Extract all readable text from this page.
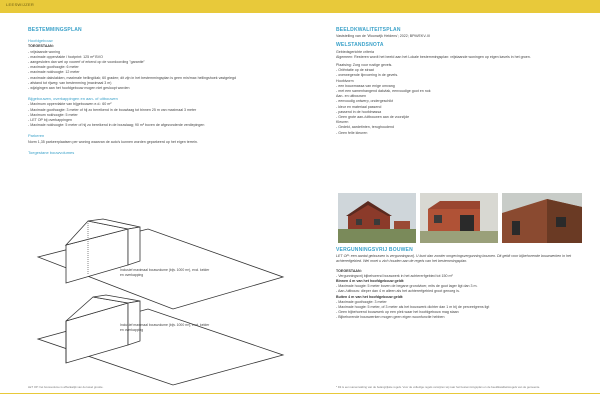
LEESWIJZER
BESTEMMINGSPLAN
Hoofdgebouw
TOEGESTAAN:
- vrijstaande woning
- maximale oppervlakte / footprint: 125 m² BVO
- aangesloten dan wel op voorerf of erkend op de voordoording "garantie"
- maximale goothoogte: 6 meter
- maximale nokhoogte: 12 meter
- maximale dakvlakken, maximale helling/dak; 60 graden; dit zijn in het bestemmingsplan is geen min/max hellingshoek vastgelegd
- afstand tot rijweg: van bestemming (maximaal 3 m)
- wijzigingen aan het hoofdgebouw mogen niet gesloopt worden
Bijgebouwen, overkappingen en aan- of uitbouwen
- Maximum oppervlakte van bijgebouwen e.d.: 60 m²
- Maximale goothoogte: 3 meter of hij zo bereikend in de bouwlaag tot binnen 25 m van maximaal 3 meter
- Maximum nokhoogte: 5 meter
- LET OP bij overkappingen
- Maximale nokhoogte: 5 meter of hij zo bereikend in de bouwlaag; 90 m² boven de afgezonderde verdiepingen
Parkeren
Norm 1,35 parkeerplaatsen per woning waarvan de auto's kunnen worden geparkeerd op het eigen terrein.
Toegestane bouwvolumes
Inclusief maximaal bouwvolume (bijv. 1000 m³), excl. kelder en overkapping
Inclusief maximaal bouwvolume (bijv. 1000 m³), excl. kelder en overkapping
LET OP: het bouwvolume is afhankelijk van de kavel grootte.
BEELDKWALITEITSPLAN
Vaststelling van de 'Woonwijk Heldens'; 2022; BPM/EKV-III
WELSTANDSNOTA
Gebiedsgerichte criteria
Algemeen: Resteren wordt het beeld aan het Lokale bestemmingsplan: vrijstaande woningen op eigen kavels in het groen.
Plaatsing: Zorg voor rustige gevels.
- Oriëntatie op de straat
- overwegende lijnvoering in de gevels.
Hoofdvorm
- een bouwmassa van enige omvang
- met een samenhangend dakvlak, eenvoudige goot en nok
Aan- en uitbouwen
- eenvoudig ontwerp, ondergeschikt
- kleur en materiaal passend
- passend in de hoofdmassa
- Geen grote aan-/uitbouwen aan de voorzijde
Kleuren
- Gedekt, aardetinten, terughoudend
- Geen felle kleuren
VERGUNNINGSVRIJ BOUWEN
LET OP: een aantal gebouwen is vergunningsvrij. U kunt dan zonder omgevingsvergunning bouwen. Dit geldt voor bijbehorende bouwwerken in het achtererfgebied. Wel moet u zich houden aan de regels van het bestemmingsplan.
TOEGESTAAN:
- Vergunningsvrij bijbehorend bouwwerk in het achtererfgebied tot 150 m²
Binnen 4 m van het hoofdgebouw geldt:
- Maximale hoogte: 5 meter boven de begane grondvloer, mits de goot lager ligt dan 3 m.
- Aan-/uitbouw: dieper dan 4 m alleen als het achtererfgebied groot genoeg is.
Buiten 4 m van het hoofdgebouw geldt:
- Maximale goothoogte: 3 meter
- Maximale hoogte: 5 meter, of 3 meter als het bouwwerk dichter dan 1 m bij de perceelgrens ligt
- Geen bijbehorend bouwwerk op een plek waar het hoofdgebouw mag staan
- Bijbehorende bouwwerken mogen geen eigen woonfunctie hebben
* Dit is een samenvatting van de belangrijkste regels. Voor de volledige regels verwijzen wij naar het bestemmingsplan en de beeldkwaliteitsregels van de gemeente.
